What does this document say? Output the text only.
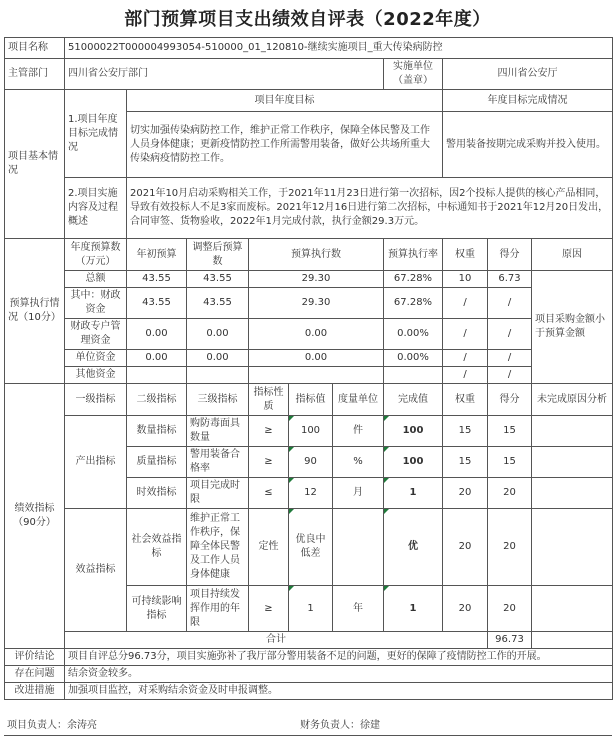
部门预算项目支出绩效自评表（2022年度）
项目名称	51000022T000004993054-510000_01_120810-继续实施项目_重大传染病防控									
主管部门	四川省公安厅部门						实施单位（盖章）	四川省公安厅		
项目基本情况	1.项目年度目标完成情况	项目年度目标						年度目标完成情况		
		切实加强传染病防控工作，维护正常工作秩序，保障全体民警及工作人员身体健康；更新疫情防控工作所需警用装备，做好公共场所重大传染病疫情防控工作。						警用装备按期完成采购并投入使用。		
	2.项目实施内容及过程概述	2021年10月启动采购相关工作，于2021年11月23日进行第一次招标，因2个投标人提供的核心产品相同，导致有效投标人不足3家而废标。2021年12月16日进行第二次招标，中标通知书于2021年12月20日发出，合同审签、货物验收，2022年1月完成付款，执行金额29.3万元。								
预算执行情况（10分）	年度预算数（万元）	年初预算	调整后预算数	预算执行数			预算执行率	权重	得分	原因
	总额	43.55	43.55	29.30			67.28%	10	6.73	项目采购金额小于预算金额
	其中：财政资金	43.55	43.55	29.30			67.28%	/	/	
	财政专户管理资金	0.00	0.00	0.00			0.00%	/	/	
	单位资金	0.00	0.00	0.00			0.00%	/	/	
	其他资金							/	/	
绩效指标（90分）	一级指标	二级指标	三级指标	指标性质	指标值	度量单位	完成值	权重	得分	未完成原因分析
	产出指标	数量指标	购防毒面具数量	≥	100	件	100	15	15	
		质量指标	警用装备合格率	≥	90	%	100	15	15	
		时效指标	项目完成时限	≤	12	月	1	20	20	
	效益指标	社会效益指标	维护正常工作秩序，保障全体民警及工作人员身体健康	定性	优良中低差		优	20	20	
		可持续影响指标	项目持续发挥作用的年限	≥	1	年	1	20	20	
	合计								96.73	
评价结论	项目自评总分96.73分，项目实施弥补了我厅部分警用装备不足的问题，更好的保障了疫情防控工作的开展。									
存在问题	结余资金较多。									
改进措施	加强项目监控，对采购结余资金及时申报调整。									
项目负责人：余涛亮	财务负责人：徐建
